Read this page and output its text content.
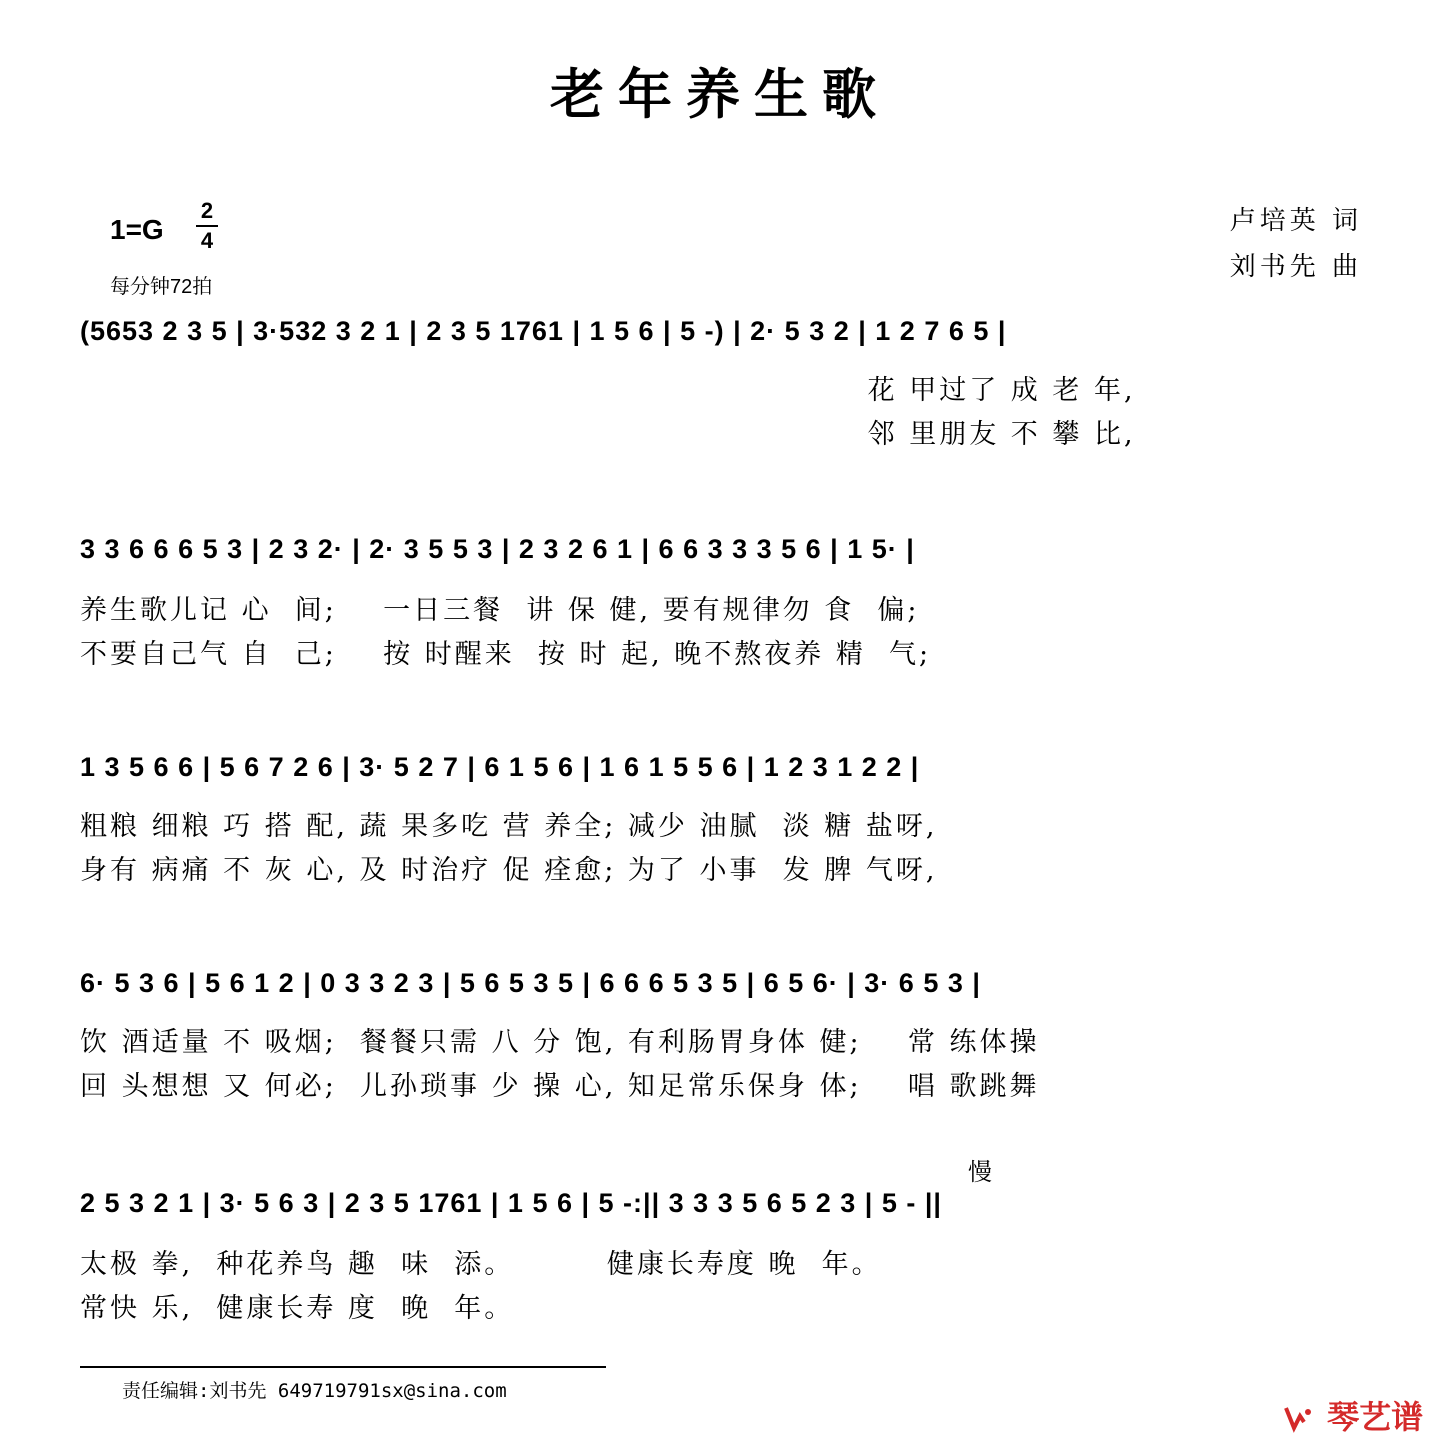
老年养生歌
1=G
2
4
每分钟72拍
卢培英 词
刘书先 曲
(5653 2 3 5 | 3·532 3 2 1 | 2 3 5 1761 | 1 5 6 | 5 -) | 2· 5 3 2 | 1 2 7 6 5 |
花 甲过了 成 老 年,
邻 里朋友 不 攀 比,
3 3 6 6 6 5 3 | 2 3 2· | 2· 3 5 5 3 | 2 3 2 6 1 | 6 6 3 3 3 5 6 | 1 5· |
养生歌儿记 心  间;    一日三餐  讲 保 健, 要有规律勿 食  偏;
不要自己气 自  己;    按 时醒来  按 时 起, 晚不熬夜养 精  气;
1 3 5 6 6 | 5 6 7 2 6 | 3· 5 2 7 | 6 1 5 6 | 1 6 1 5 5 6 | 1 2 3 1 2 2 |
粗粮 细粮 巧 搭 配, 蔬 果多吃 营 养全; 减少 油腻  淡 糖 盐呀,
身有 病痛 不 灰 心, 及 时治疗 促 痊愈; 为了 小事  发 脾 气呀,
6· 5 3 6 | 5 6 1 2 | 0 3 3 2 3 | 5 6 5 3 5 | 6 6 6 5 3 5 | 6 5 6· | 3· 6 5 3 |
饮 酒适量 不 吸烟;  餐餐只需 八 分 饱, 有利肠胃身体 健;    常 练体操
回 头想想 又 何必;  儿孙琐事 少 操 心, 知足常乐保身 体;    唱 歌跳舞
慢
2 5 3 2 1 | 3· 5 6 3 | 2 3 5 1761 | 1 5 6 | 5 -:|| 3 3 3 5 6 5 2 3 | 5 - ||
太极 拳,  种花养鸟 趣  味  添。        健康长寿度 晚  年。
常快 乐,  健康长寿 度  晚  年。
责任编辑:刘书先 649719791sx@sina.com
琴艺谱
